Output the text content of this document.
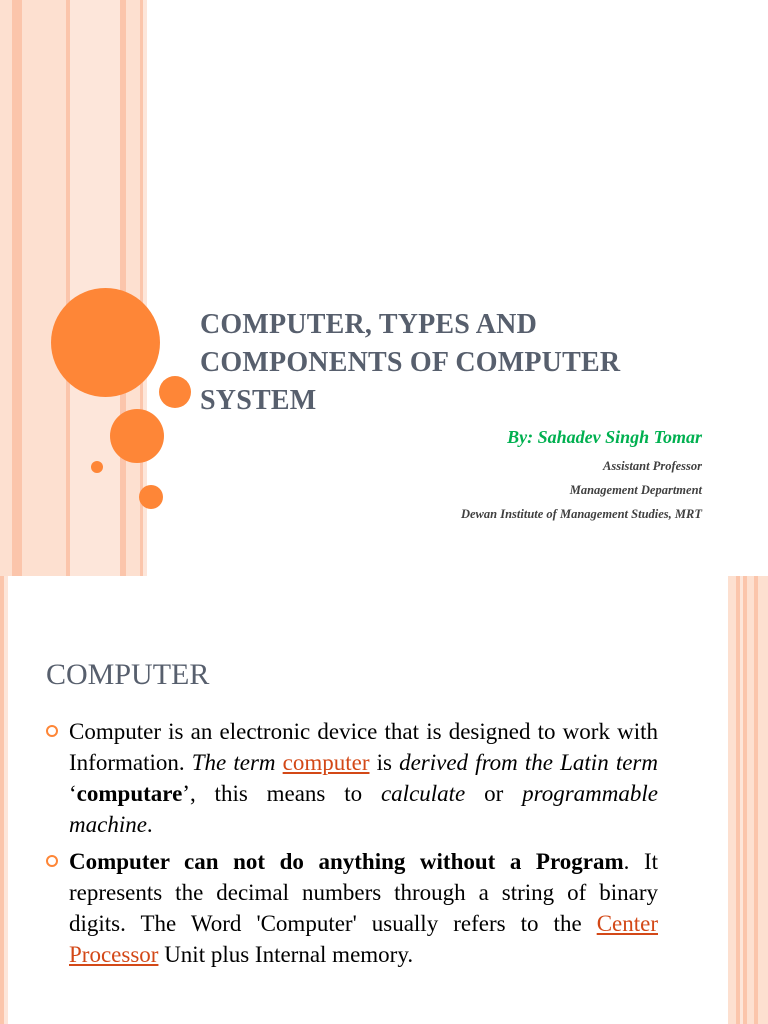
COMPUTER, TYPES AND
COMPONENTS OF COMPUTER
SYSTEM

By: Sahadev Singh Tomar

Assistant Professor

Management Department

Dewan Institute of Management Studies, MRT

COMPUTER
Computer is an electronic device that is designed to work with Information. The term computer is derived from the Latin term ‘computare’, this means to calculate or programmable machine.
Computer can not do anything without a Program. It represents the decimal numbers through a string of binary digits. The Word 'Computer' usually refers to the Center Processor Unit plus Internal memory.
